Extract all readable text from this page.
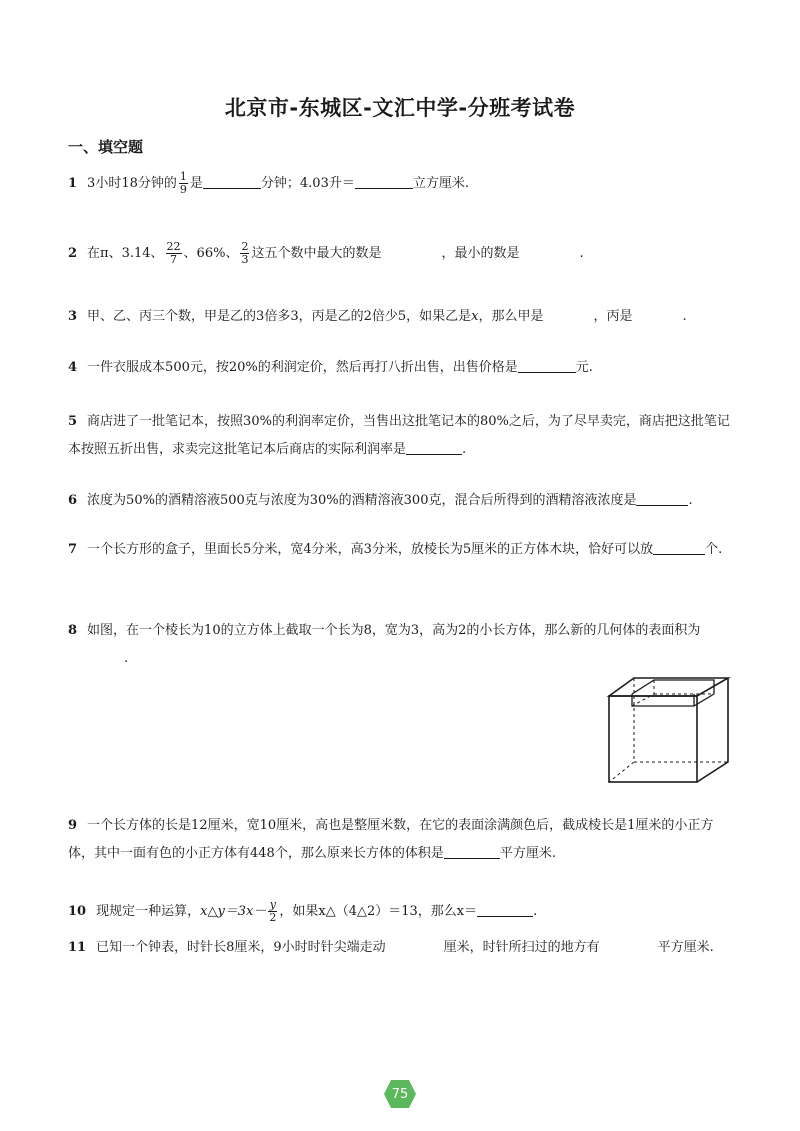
北京市-东城区-文汇中学-分班考试卷
一、填空题
1 3小时18分钟的 $\frac{1}{9}$ 是	分钟；4.03升＝	立方厘米.
2 在π、3.14、 $\frac{22}{7}$ 、66%、 $\frac{2}{3}$ 这五个数中最大的数是	，最小的数是	.
3 甲、乙、丙三个数，甲是乙的3倍多3，丙是乙的2倍少5，如果乙是x，那么甲是	，丙是	.
4 一件衣服成本500元，按20%的利润定价，然后再打八折出售，出售价格是	元.
5 商店进了一批笔记本，按照30%的利润率定价，当售出这批笔记本的80%之后，为了尽早卖完，商店把这批笔记本按照五折出售，求卖完这批笔记本后商店的实际利润率是	.
6 浓度为50%的酒精溶液500克与浓度为30%的酒精溶液300克，混合后所得到的酒精溶液浓度是	.
7 一个长方形的盒子，里面长5分米，宽4分米，高3分米，放棱长为5厘米的正方体木块，恰好可以放	个.
8 如图，在一个棱长为10的立方体上截取一个长为8，宽为3，高为2的小长方体，那么新的几何体的表面积为.
9 一个长方体的长是12厘米，宽10厘米，高也是整厘米数，在它的表面涂满颜色后，截成棱长是1厘米的小正方体，其中一面有色的小正方体有448个，那么原来长方体的体积是	平方厘米.
10 现规定一种运算，x△y＝3x－ $\frac{y}{2}$ ，如果x△（4△2）＝13，那么x＝	.
11 已知一个钟表，时针长8厘米，9小时时针尖端走动	厘米，时针所扫过的地方有	平方厘米.
75
